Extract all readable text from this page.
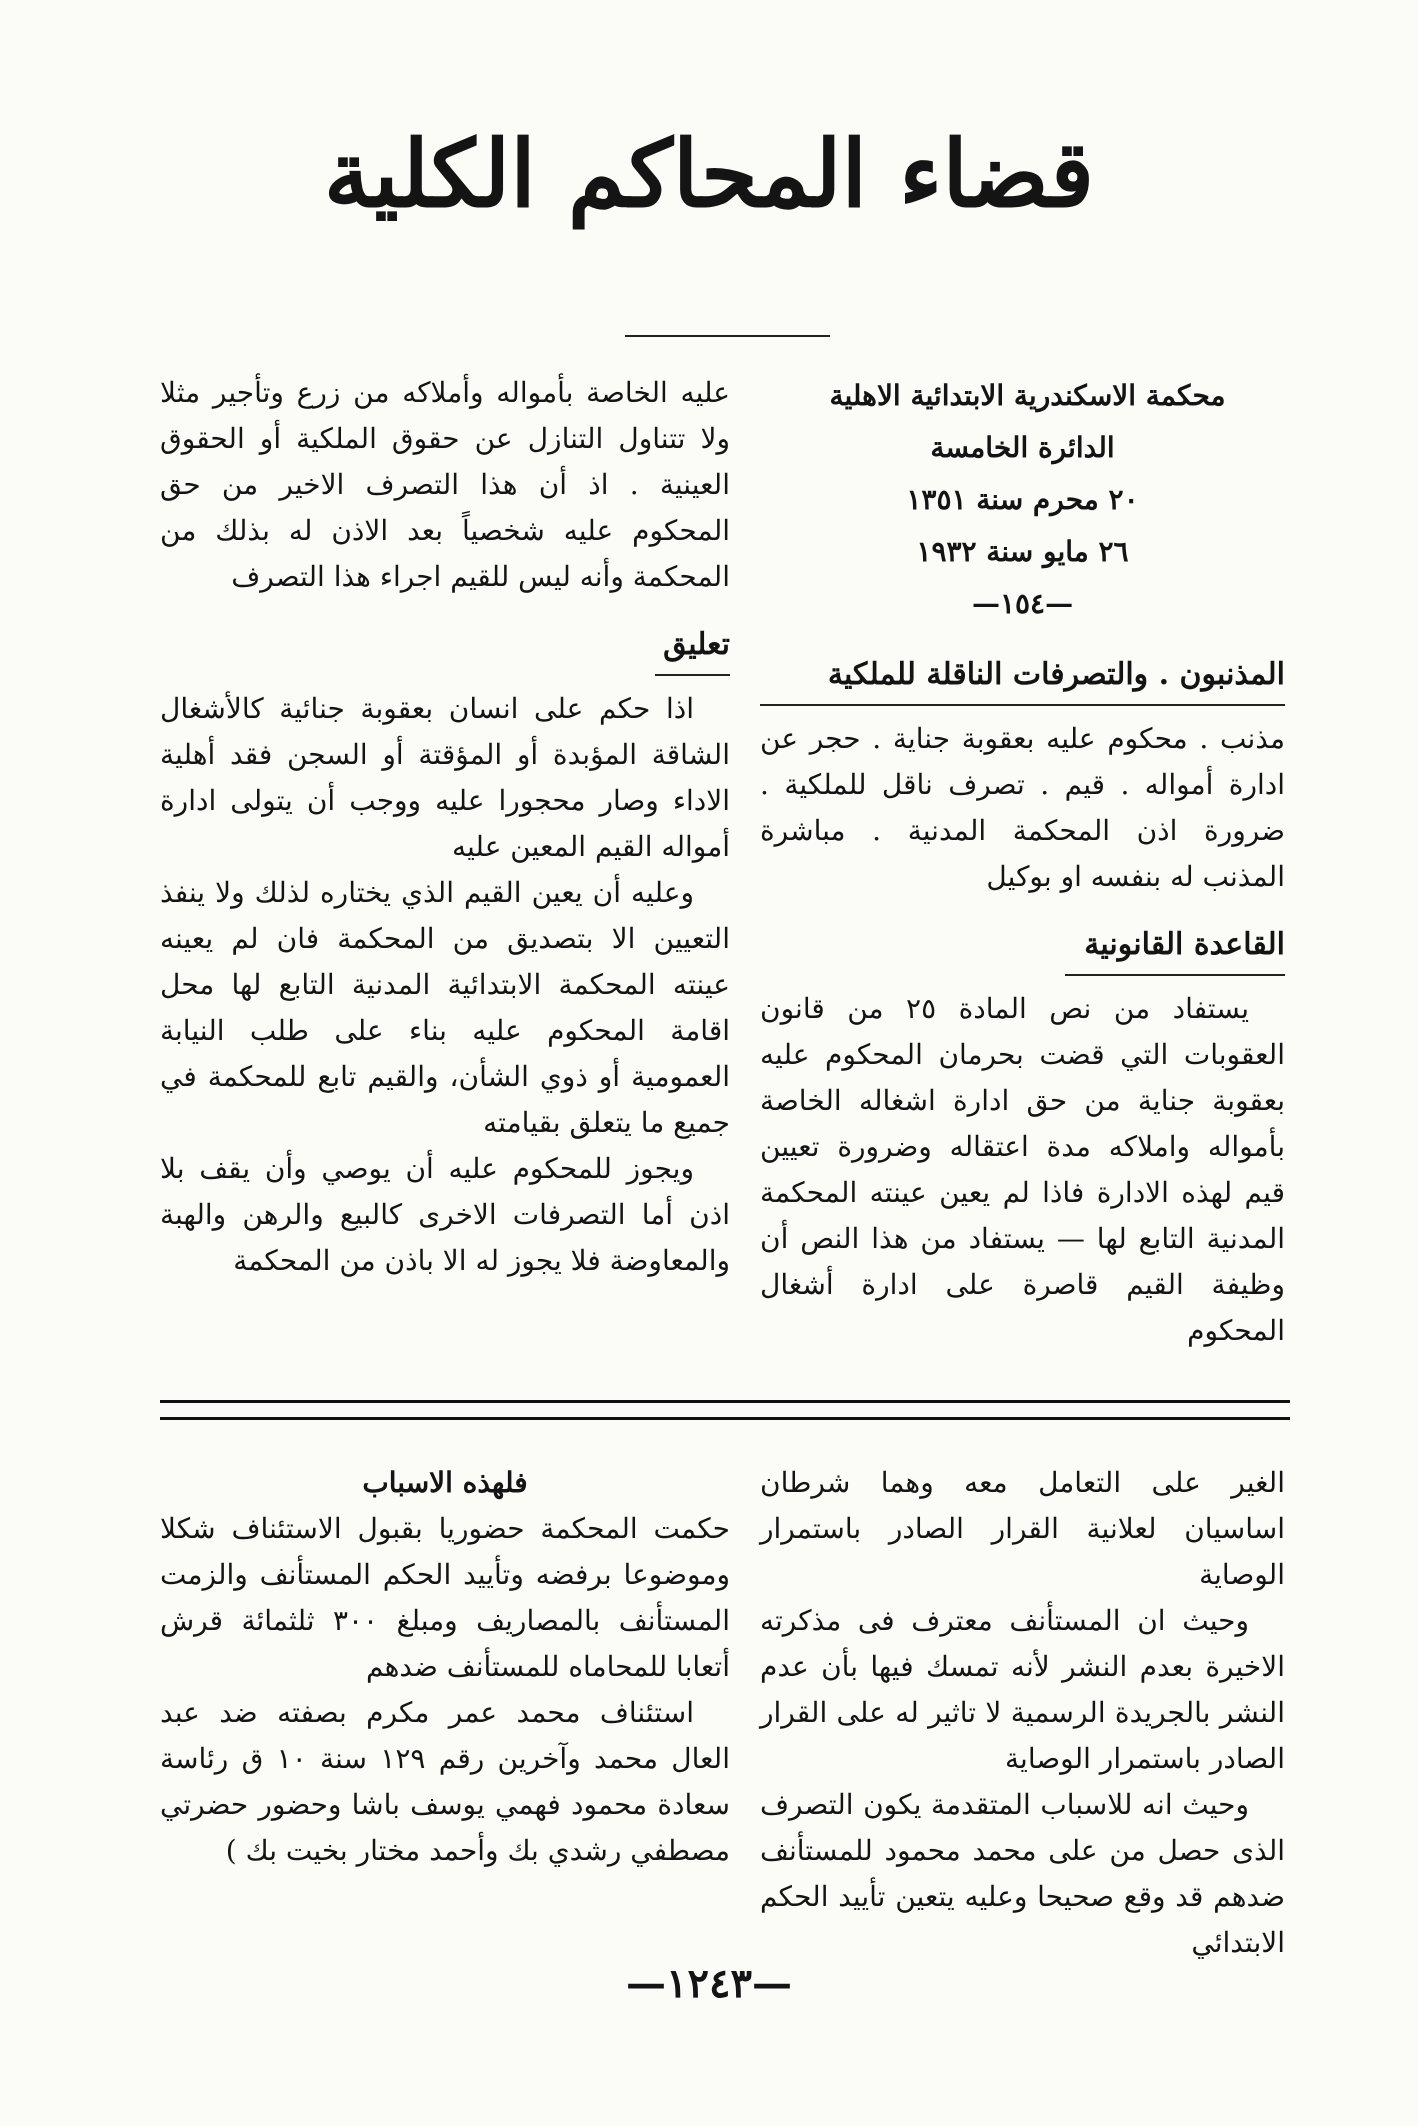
قضاء المحاكم الكلية
محكمة الاسكندرية الابتدائية الاهلية
الدائرة الخامسة
٢٠ محرم سنة ١٣٥١
٢٦ مايو سنة ١٩٣٢
—١٥٤—
المذنبون . والتصرفات الناقلة للملكية

مذنب . محكوم عليه بعقوبة جناية . حجر عن ادارة أمواله . قيم . تصرف ناقل للملكية . ضرورة اذن المحكمة المدنية . مباشرة المذنب له بنفسه او بوكيل

القاعدة القانونية

يستفاد من نص المادة ٢٥ من قانون العقوبات التي قضت بحرمان المحكوم عليه بعقوبة جناية من حق ادارة اشغاله الخاصة بأمواله واملاكه مدة اعتقاله وضرورة تعيين قيم لهذه الادارة فاذا لم يعين عينته المحكمة المدنية التابع لها — يستفاد من هذا النص أن وظيفة القيم قاصرة على ادارة أشغال المحكوم

عليه الخاصة بأمواله وأملاكه من زرع وتأجير مثلا ولا تتناول التنازل عن حقوق الملكية أو الحقوق العينية . اذ أن هذا التصرف الاخير من حق المحكوم عليه شخصياً بعد الاذن له بذلك من المحكمة وأنه ليس للقيم اجراء هذا التصرف

تعليق

اذا حكم على انسان بعقوبة جنائية كالأشغال الشاقة المؤبدة أو المؤقتة أو السجن فقد أهلية الاداء وصار محجورا عليه ووجب أن يتولى ادارة أمواله القيم المعين عليه

وعليه أن يعين القيم الذي يختاره لذلك ولا ينفذ التعيين الا بتصديق من المحكمة فان لم يعينه عينته المحكمة الابتدائية المدنية التابع لها محل اقامة المحكوم عليه بناء على طلب النيابة العمومية أو ذوي الشأن، والقيم تابع للمحكمة في جميع ما يتعلق بقيامته

ويجوز للمحكوم عليه أن يوصي وأن يقف بلا اذن أما التصرفات الاخرى كالبيع والرهن والهبة والمعاوضة فلا يجوز له الا باذن من المحكمة

الغير على التعامل معه وهما شرطان اساسيان لعلانية القرار الصادر باستمرار الوصاية

وحيث ان المستأنف معترف فى مذكرته الاخيرة بعدم النشر لأنه تمسك فيها بأن عدم النشر بالجريدة الرسمية لا تاثير له على القرار الصادر باستمرار الوصاية

وحيث انه للاسباب المتقدمة يكون التصرف الذى حصل من على محمد محمود للمستأنف ضدهم قد وقع صحيحا وعليه يتعين تأييد الحكم الابتدائي

فلهذه الاسباب

حكمت المحكمة حضوريا بقبول الاستئناف شكلا وموضوعا برفضه وتأييد الحكم المستأنف والزمت المستأنف بالمصاريف ومبلغ ٣٠٠ ثلثمائة قرش أتعابا للمحاماه للمستأنف ضدهم

استئناف محمد عمر مكرم بصفته ضد عبد العال محمد وآخرين رقم ١٢٩ سنة ١٠ ق رئاسة سعادة محمود فهمي يوسف باشا وحضور حضرتي مصطفي رشدي بك وأحمد مختار بخيت بك )

—١٢٤٣—
